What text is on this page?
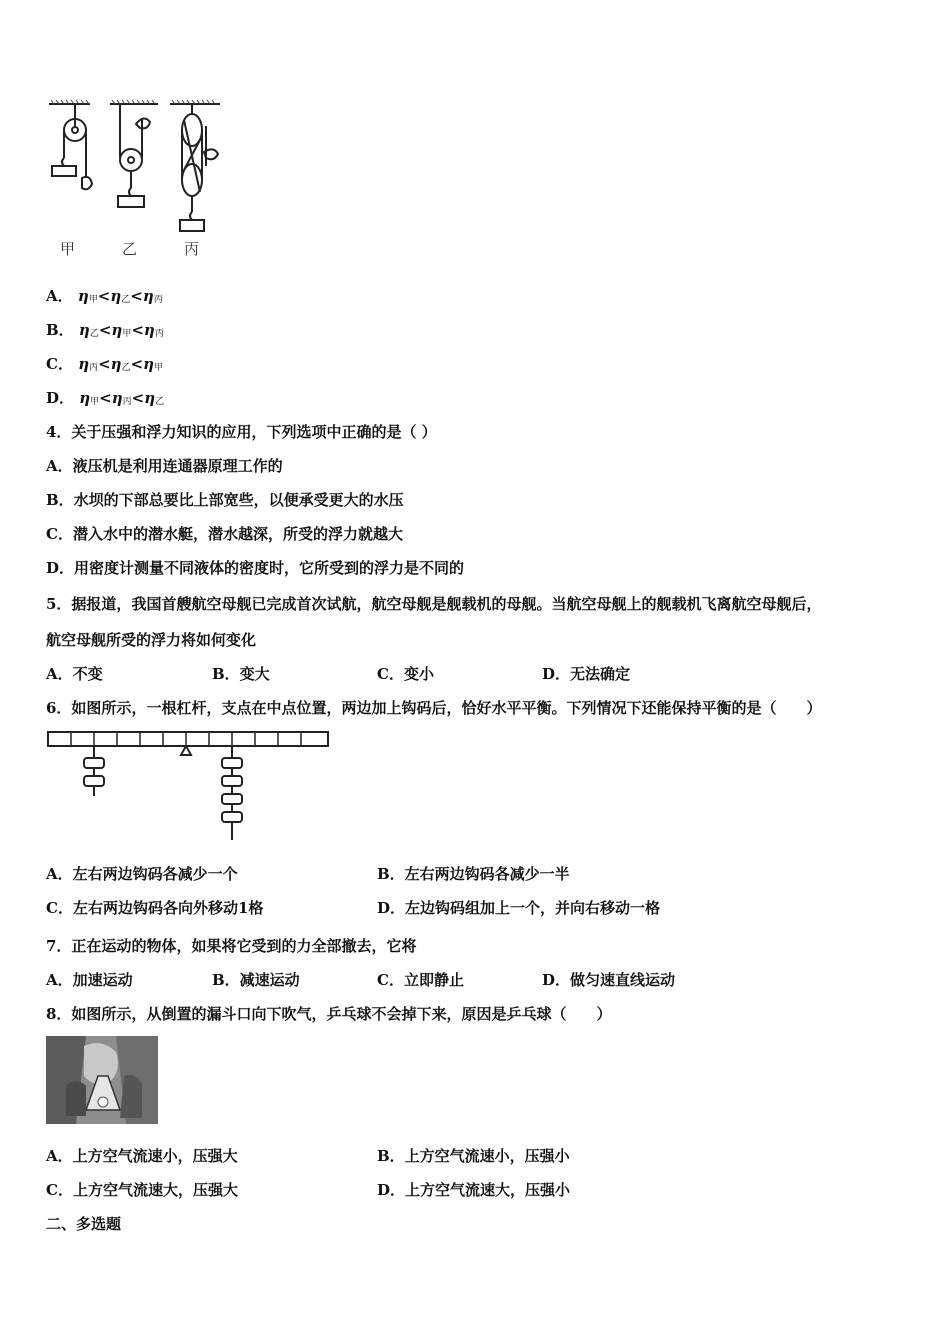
甲	乙	丙
A． η甲<η乙<η丙
B． η乙<η甲<η丙
C． η丙<η乙<η甲
D． η甲<η丙<η乙
4．关于压强和浮力知识的应用，下列选项中正确的是（ ）
A．液压机是利用连通器原理工作的
B．水坝的下部总要比上部宽些，以便承受更大的水压
C．潜入水中的潜水艇，潜水越深，所受的浮力就越大
D．用密度计测量不同液体的密度时，它所受到的浮力是不同的
5．据报道，我国首艘航空母舰已完成首次试航，航空母舰是舰载机的母舰。当航空母舰上的舰载机飞离航空母舰后，
航空母舰所受的浮力将如何变化
A．不变	B．变大	C．变小	D．无法确定
6．如图所示，一根杠杆，支点在中点位置，两边加上钩码后，恰好水平平衡。下列情况下还能保持平衡的是（　　）
A．左右两边钩码各减少一个	B．左右两边钩码各减少一半
C．左右两边钩码各向外移动1格	D．左边钩码组加上一个，并向右移动一格
7．正在运动的物体，如果将它受到的力全部撤去，它将
A．加速运动	B．减速运动	C．立即静止	D．做匀速直线运动
8．如图所示，从倒置的漏斗口向下吹气，乒乓球不会掉下来，原因是乒乓球（　　）
A．上方空气流速小，压强大	B．上方空气流速小，压强小
C．上方空气流速大，压强大	D．上方空气流速大，压强小
二、多选题
